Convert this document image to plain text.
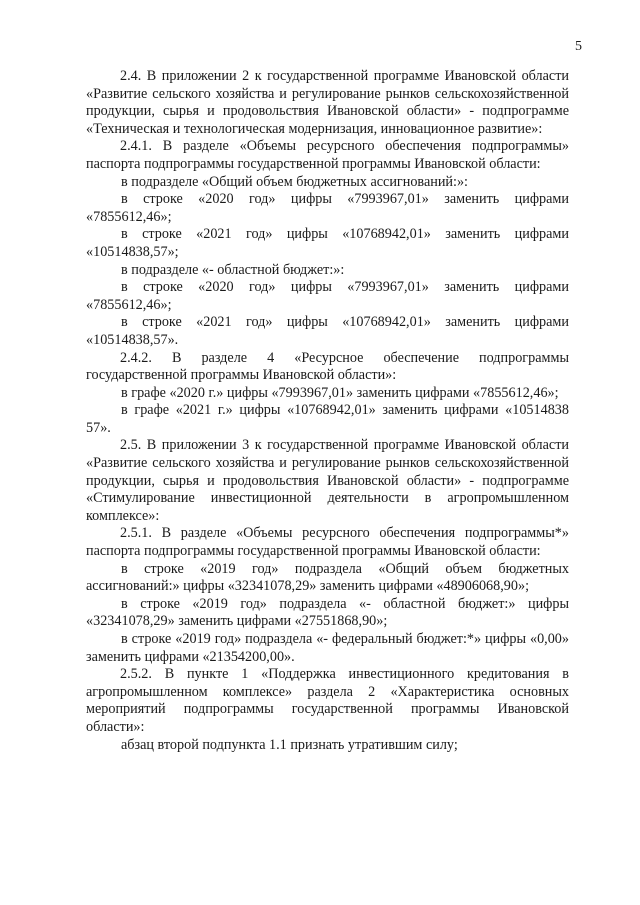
5

2.4. В приложении 2 к государственной программе Ивановской области «Развитие сельского хозяйства и регулирование рынков сельскохозяйственной продукции, сырья и продовольствия Ивановской области» - подпрограмме «Техническая и технологическая модернизация, инновационное развитие»:

2.4.1. В разделе «Объемы ресурсного обеспечения подпрограммы» паспорта подпрограммы государственной программы Ивановской области:

в подразделе «Общий объем бюджетных ассигнований:»:

в строке «2020 год» цифры «7993967,01» заменить цифрами «7855612,46»;

в строке «2021 год» цифры «10768942,01» заменить цифрами «10514838,57»;

в подразделе «- областной бюджет:»:

в строке «2020 год» цифры «7993967,01» заменить цифрами «7855612,46»;

в строке «2021 год» цифры «10768942,01» заменить цифрами «10514838,57».

2.4.2. В разделе 4 «Ресурсное обеспечение подпрограммы государственной программы Ивановской области»:

в графе «2020 г.» цифры «7993967,01» заменить цифрами «7855612,46»;

в графе «2021 г.» цифры «10768942,01» заменить цифрами «10514838 57».

2.5. В приложении 3 к государственной программе Ивановской области «Развитие сельского хозяйства и регулирование рынков сельскохозяйственной продукции, сырья и продовольствия Ивановской области» - подпрограмме «Стимулирование инвестиционной деятельности в агропромышленном комплексе»:

2.5.1. В разделе «Объемы ресурсного обеспечения подпрограммы*» паспорта подпрограммы государственной программы Ивановской области:

в строке «2019 год» подраздела «Общий объем бюджетных ассигнований:» цифры «32341078,29» заменить цифрами «48906068,90»;

в строке «2019 год» подраздела «- областной бюджет:» цифры «32341078,29» заменить цифрами «27551868,90»;

в строке «2019 год» подраздела «- федеральный бюджет:*» цифры «0,00» заменить цифрами «21354200,00».

2.5.2. В пункте 1 «Поддержка инвестиционного кредитования в агропромышленном комплексе» раздела 2 «Характеристика основных мероприятий подпрограммы государственной программы Ивановской области»:

абзац второй подпункта 1.1 признать утратившим силу;
